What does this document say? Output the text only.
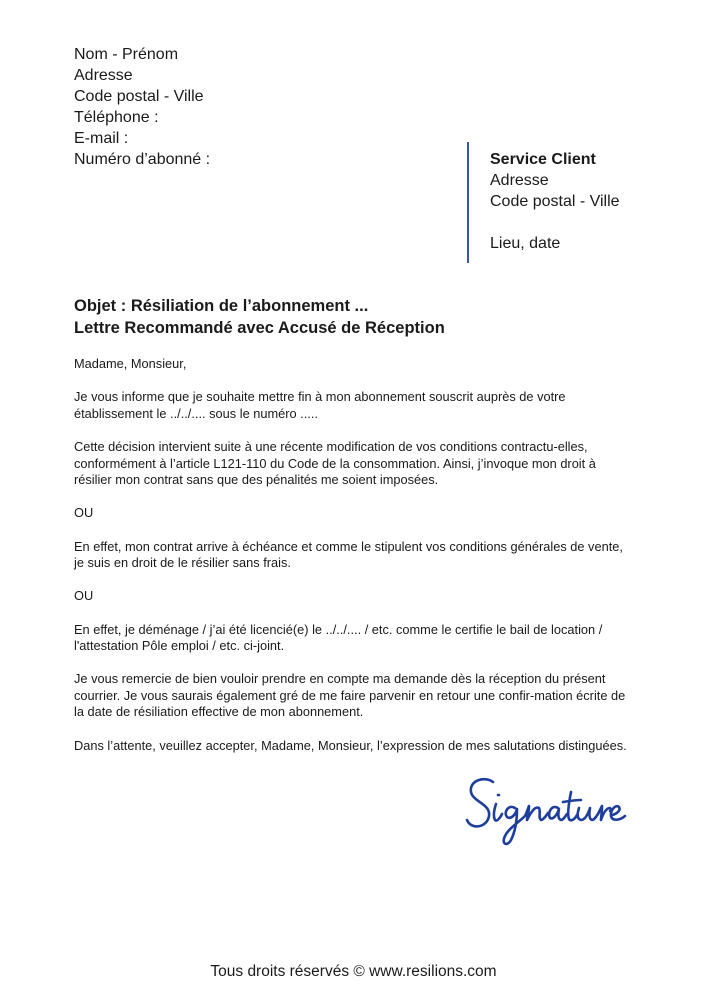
Nom - Prénom
Adresse
Code postal - Ville
Téléphone :
E-mail :
Numéro d’abonné :	Service Client
Adresse
Code postal - Ville
Lieu, date
Objet : Résiliation de l’abonnement ...
Lettre Recommandé avec Accusé de Réception

Madame, Monsieur,

Je vous informe que je souhaite mettre fin à mon abonnement souscrit auprès de votre établissement le ../../.... sous le numéro .....

Cette décision intervient suite à une récente modification de vos conditions contractu-elles, conformément à l’article L121-110 du Code de la consommation. Ainsi, j’invoque mon droit à résilier mon contrat sans que des pénalités me soient imposées.

OU

En effet, mon contrat arrive à échéance et comme le stipulent vos conditions générales de vente, je suis en droit de le résilier sans frais.

OU

En effet, je déménage / j’ai été licencié(e) le ../../.... / etc. comme le certifie le bail de location / l'attestation Pôle emploi / etc. ci-joint.

Je vous remercie de bien vouloir prendre en compte ma demande dès la réception du présent courrier. Je vous saurais également gré de me faire parvenir en retour une confir-mation écrite de la date de résiliation effective de mon abonnement.

Dans l’attente, veuillez accepter, Madame, Monsieur, l’expression de mes salutations distinguées.

Tous droits réservés © www.resilions.com
